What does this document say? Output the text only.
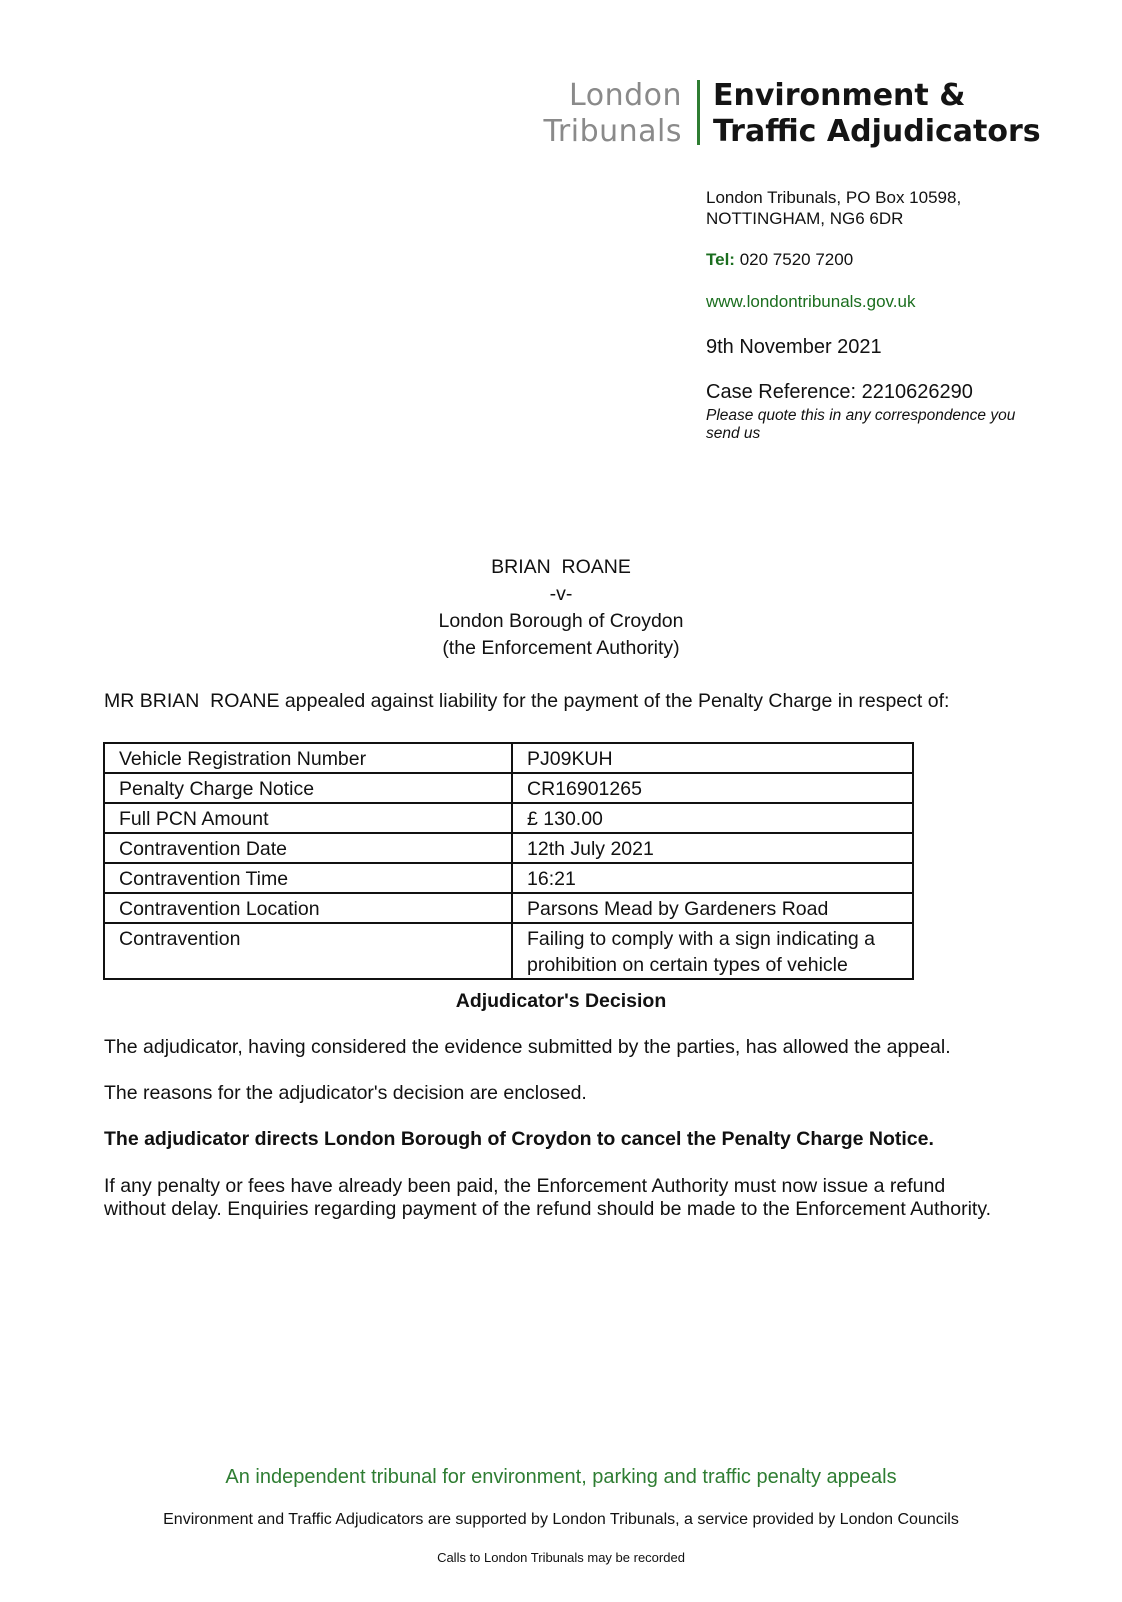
London
Tribunals
Environment &
Traffic Adjudicators
London Tribunals, PO Box 10598,
NOTTINGHAM, NG6 6DR
Tel: 020 7520 7200
www.londontribunals.gov.uk
9th November 2021
Case Reference: 2210626290
Please quote this in any correspondence you send us
BRIAN  ROANE
-v-
London Borough of Croydon
(the Enforcement Authority)
MR BRIAN  ROANE appealed against liability for the payment of the Penalty Charge in respect of:
Vehicle Registration Number	PJ09KUH
Penalty Charge Notice	CR16901265
Full PCN Amount	£ 130.00
Contravention Date	12th July 2021
Contravention Time	16:21
Contravention Location	Parsons Mead by Gardeners Road
Contravention	Failing to comply with a sign indicating a prohibition on certain types of vehicle
Adjudicator's Decision
The adjudicator, having considered the evidence submitted by the parties, has allowed the appeal.
The reasons for the adjudicator's decision are enclosed.
The adjudicator directs London Borough of Croydon to cancel the Penalty Charge Notice.
If any penalty or fees have already been paid, the Enforcement Authority must now issue a refund without delay. Enquiries regarding payment of the refund should be made to the Enforcement Authority.
An independent tribunal for environment, parking and traffic penalty appeals
Environment and Traffic Adjudicators are supported by London Tribunals, a service provided by London Councils
Calls to London Tribunals may be recorded
